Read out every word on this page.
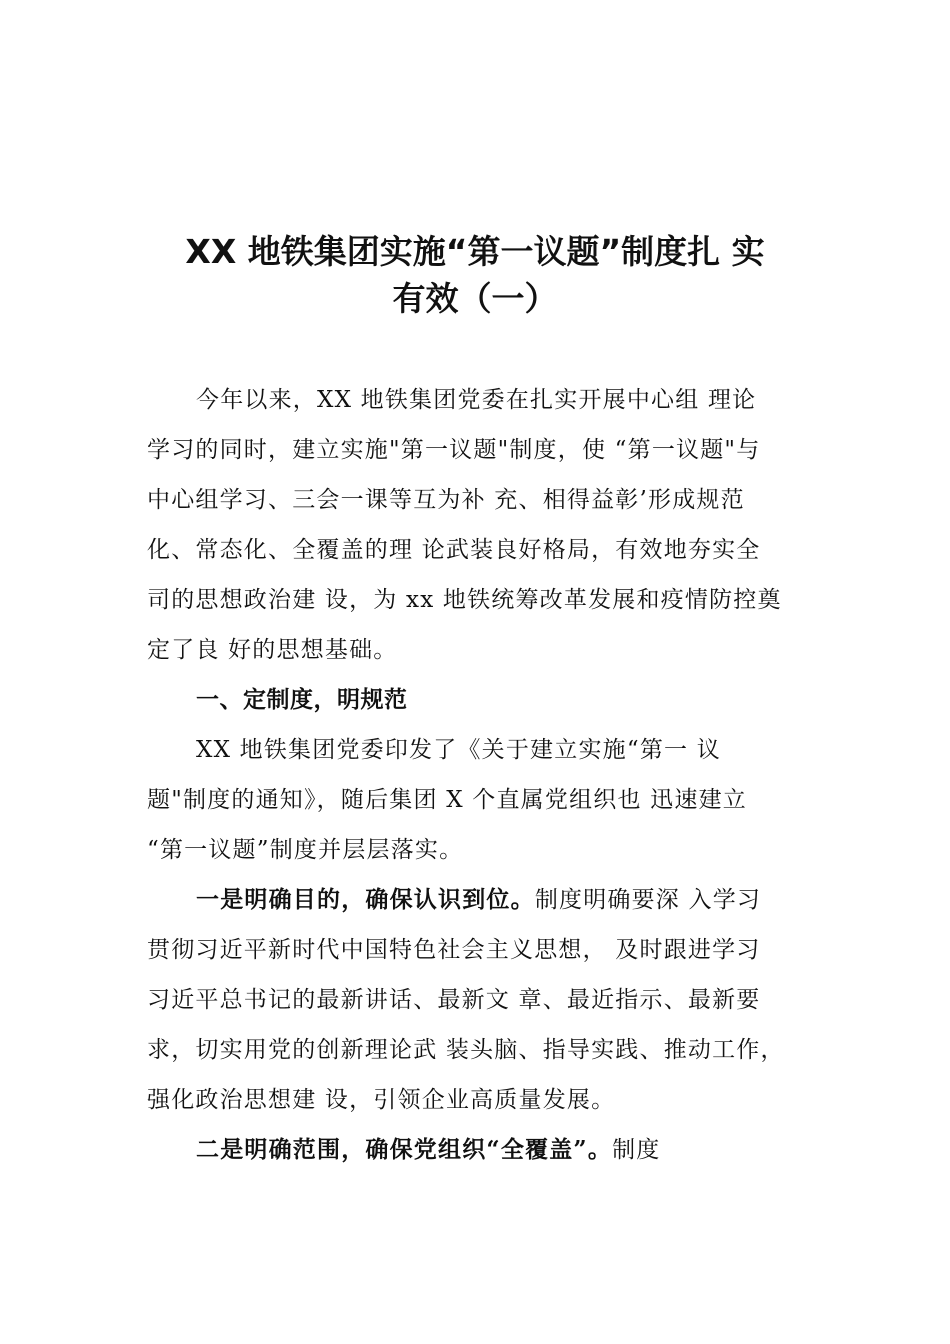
XX 地铁集团实施“第一议题”制度扎 实
有效（一）
今年以来，XX 地铁集团党委在扎实开展中心组 理论
学习的同时，建立实施"第一议题"制度，使 “第一议题"与
中心组学习、三会一课等互为补 充、相得益彰’形成规范
化、常态化、全覆盖的理 论武装良好格局，有效地夯实全
司的思想政治建 设，为 xx 地铁统筹改革发展和疫情防控奠
定了良 好的思想基础。
一、定制度，明规范
XX 地铁集团党委印发了《关于建立实施“第一 议
题"制度的通知》，随后集团 X 个直属党组织也 迅速建立
“第一议题”制度并层层落实。
一是明确目的，确保认识到位。制度明确要深 入学习
贯彻习近平新时代中国特色社会主义思想， 及时跟进学习
习近平总书记的最新讲话、最新文 章、最近指示、最新要
求，切实用党的创新理论武 装头脑、指导实践、推动工作，
强化政治思想建 设，引领企业高质量发展。
二是明确范围，确保党组织“全覆盖”。制度
